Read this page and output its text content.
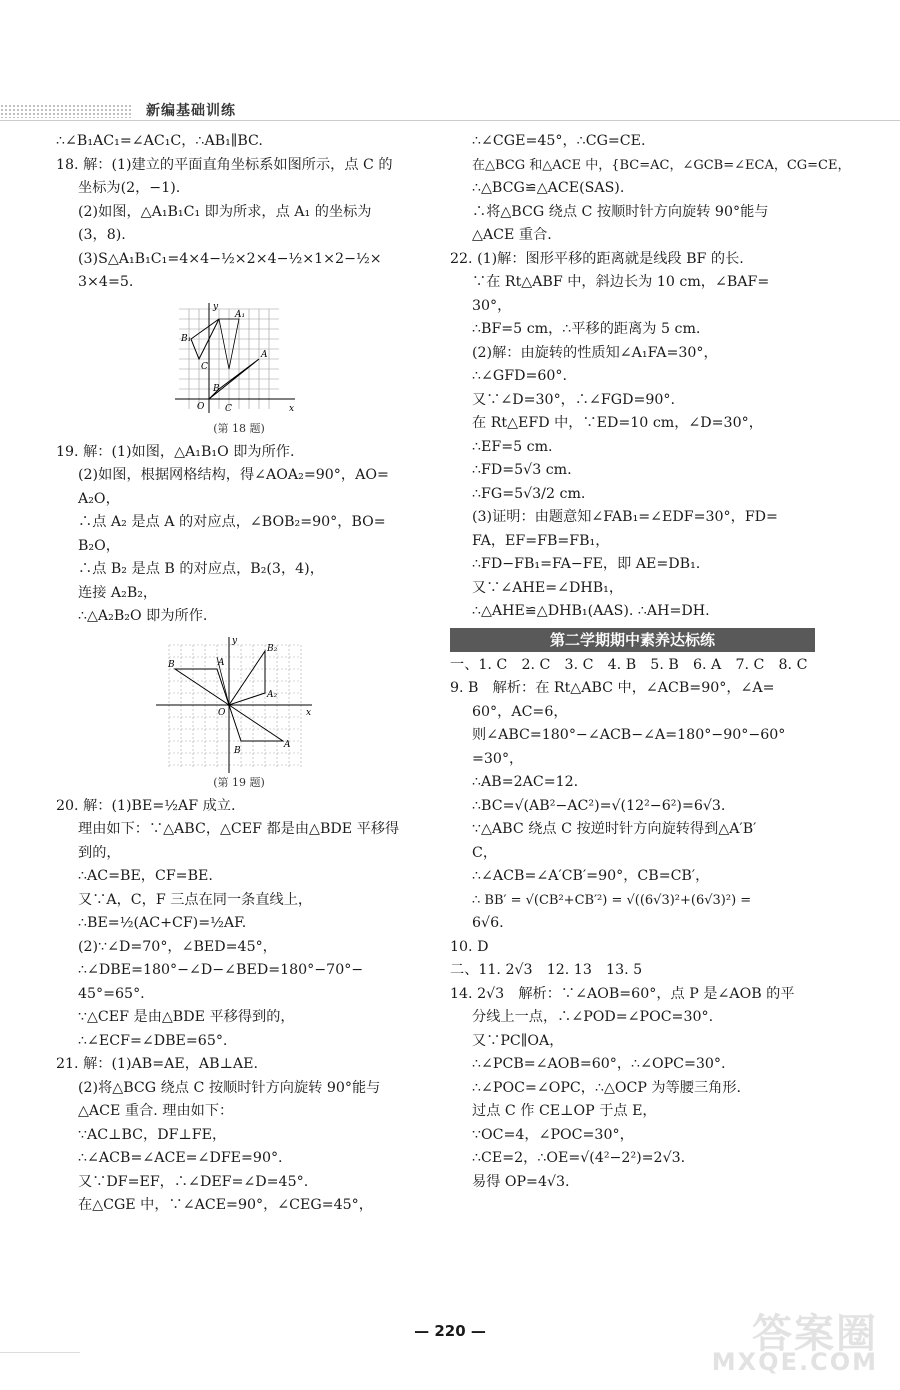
新编基础训练
∴∠B₁AC₁=∠AC₁C，∴AB₁∥BC.
18. 解：(1)建立的平面直角坐标系如图所示，点 C 的
坐标为(2，−1).
(2)如图，△A₁B₁C₁ 即为所求，点 A₁ 的坐标为
(3，8).
(3)S△A₁B₁C₁=4×4−½×2×4−½×1×2−½×
3×4=5.
y
x
O
A
A₁
B
B₁
C
C
(第 18 题)
19. 解：(1)如图，△A₁B₁O 即为所作.
(2)如图，根据网格结构，得∠AOA₂=90°，AO=
A₂O，
∴点 A₂ 是点 A 的对应点，∠BOB₂=90°，BO=
B₂O，
∴点 B₂ 是点 B 的对应点，B₂(3，4)，
连接 A₂B₂，
∴△A₂B₂O 即为所作.
y
x
O
B	A
B₂
A₂
B
A
(第 19 题)
20. 解：(1)BE=½AF 成立.
理由如下：∵△ABC，△CEF 都是由△BDE 平移得
到的，
∴AC=BE，CF=BE.
又∵A，C，F 三点在同一条直线上，
∴BE=½(AC+CF)=½AF.
(2)∵∠D=70°，∠BED=45°，
∴∠DBE=180°−∠D−∠BED=180°−70°−
45°=65°.
∵△CEF 是由△BDE 平移得到的，
∴∠ECF=∠DBE=65°.
21. 解：(1)AB=AE，AB⊥AE.
(2)将△BCG 绕点 C 按顺时针方向旋转 90°能与
△ACE 重合. 理由如下：
∵AC⊥BC，DF⊥FE，
∴∠ACB=∠ACE=∠DFE=90°.
又∵DF=EF，∴∠DEF=∠D=45°.
在△CGE 中，∵∠ACE=90°，∠CEG=45°，
∴∠CGE=45°，∴CG=CE.
在△BCG 和△ACE 中，{BC=AC，∠GCB=∠ECA，CG=CE，
∴△BCG≌△ACE(SAS).
∴将△BCG 绕点 C 按顺时针方向旋转 90°能与
△ACE 重合.
22. (1)解：图形平移的距离就是线段 BF 的长.
∵在 Rt△ABF 中，斜边长为 10 cm，∠BAF=
30°，
∴BF=5 cm，∴平移的距离为 5 cm.
(2)解：由旋转的性质知∠A₁FA=30°，
∴∠GFD=60°.
又∵∠D=30°，∴∠FGD=90°.
在 Rt△EFD 中，∵ED=10 cm，∠D=30°，
∴EF=5 cm.
∴FD=5√3 cm.
∴FG=5√3/2 cm.
(3)证明：由题意知∠FAB₁=∠EDF=30°，FD=
FA，EF=FB=FB₁，
∴FD−FB₁=FA−FE，即 AE=DB₁.
又∵∠AHE=∠DHB₁，
∴△AHE≌△DHB₁(AAS). ∴AH=DH.
第二学期期中素养达标练
一、1. C　2. C　3. C　4. B　5. B　6. A　7. C　8. C
9. B　解析：在 Rt△ABC 中，∠ACB=90°，∠A=
60°，AC=6，
则∠ABC=180°−∠ACB−∠A=180°−90°−60°
=30°，
∴AB=2AC=12.
∴BC=√(AB²−AC²)=√(12²−6²)=6√3.
∵△ABC 绕点 C 按逆时针方向旋转得到△A′B′
C，
∴∠ACB=∠A′CB′=90°，CB=CB′，
∴ BB′ = √(CB²+CB′²) = √((6√3)²+(6√3)²) =
6√6.
10. D
二、11. 2√3　12. 13　13. 5
14. 2√3　解析：∵∠AOB=60°，点 P 是∠AOB 的平
分线上一点，∴∠POD=∠POC=30°.
又∵PC∥OA，
∴∠PCB=∠AOB=60°，∴∠OPC=30°.
∴∠POC=∠OPC，∴△OCP 为等腰三角形.
过点 C 作 CE⊥OP 于点 E，
∵OC=4，∠POC=30°，
∴CE=2，∴OE=√(4²−2²)=2√3.
易得 OP=4√3.
— 220 —	答案圈
MXQE.COM
